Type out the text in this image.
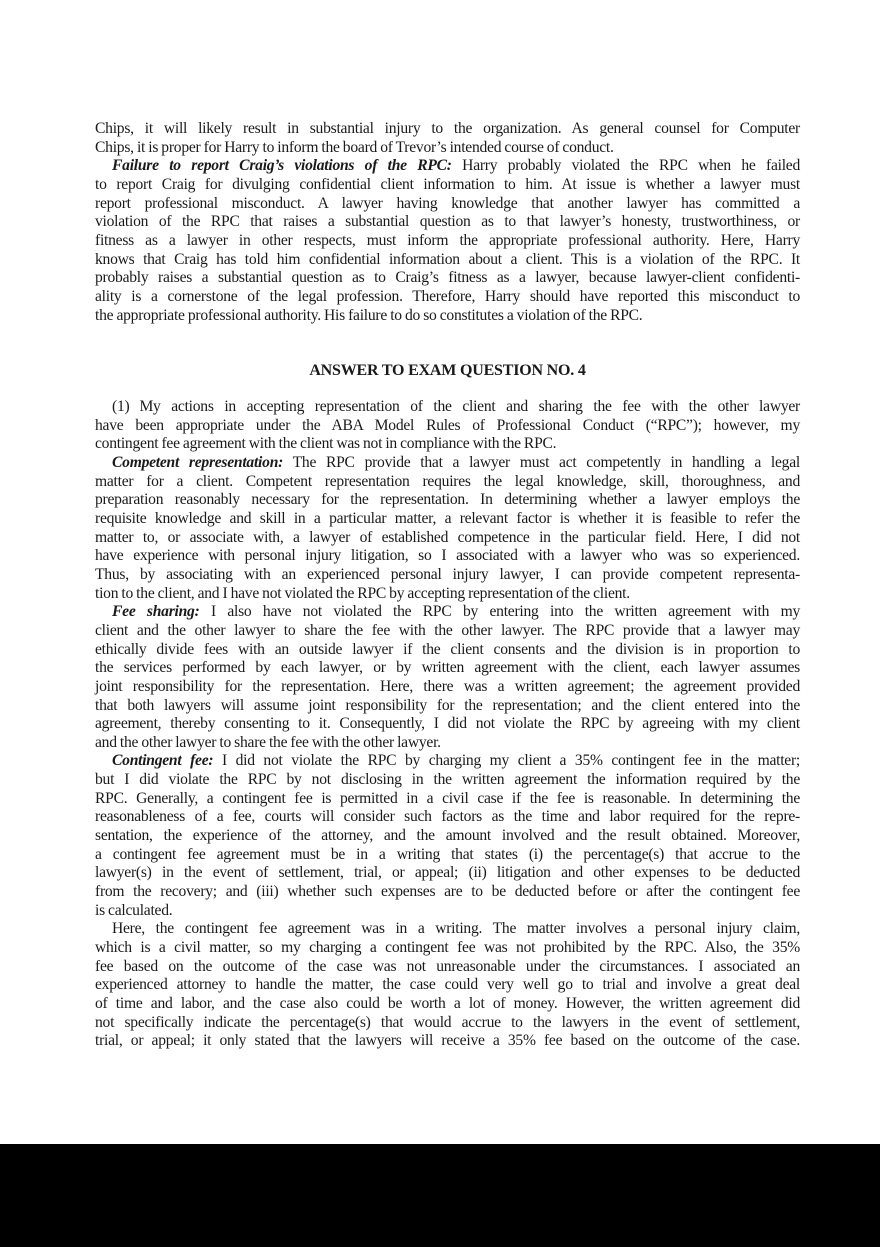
Chips, it will likely result in substantial injury to the organization. As general counsel for Computer
Chips, it is proper for Harry to inform the board of Trevor’s intended course of conduct.
Failure to report Craig’s violations of the RPC: Harry probably violated the RPC when he failed
to report Craig for divulging confidential client information to him. At issue is whether a lawyer must
report professional misconduct. A lawyer having knowledge that another lawyer has committed a
violation of the RPC that raises a substantial question as to that lawyer’s honesty, trustworthiness, or
fitness as a lawyer in other respects, must inform the appropriate professional authority. Here, Harry
knows that Craig has told him confidential information about a client. This is a violation of the RPC. It
probably raises a substantial question as to Craig’s fitness as a lawyer, because lawyer-client confidenti-
ality is a cornerstone of the legal profession. Therefore, Harry should have reported this misconduct to
the appropriate professional authority. His failure to do so constitutes a violation of the RPC.
ANSWER TO EXAM QUESTION NO. 4
(1) My actions in accepting representation of the client and sharing the fee with the other lawyer
have been appropriate under the ABA Model Rules of Professional Conduct (“RPC”); however, my
contingent fee agreement with the client was not in compliance with the RPC.
Competent representation: The RPC provide that a lawyer must act competently in handling a legal
matter for a client. Competent representation requires the legal knowledge, skill, thoroughness, and
preparation reasonably necessary for the representation. In determining whether a lawyer employs the
requisite knowledge and skill in a particular matter, a relevant factor is whether it is feasible to refer the
matter to, or associate with, a lawyer of established competence in the particular field. Here, I did not
have experience with personal injury litigation, so I associated with a lawyer who was so experienced.
Thus, by associating with an experienced personal injury lawyer, I can provide competent representa-
tion to the client, and I have not violated the RPC by accepting representation of the client.
Fee sharing: I also have not violated the RPC by entering into the written agreement with my
client and the other lawyer to share the fee with the other lawyer. The RPC provide that a lawyer may
ethically divide fees with an outside lawyer if the client consents and the division is in proportion to
the services performed by each lawyer, or by written agreement with the client, each lawyer assumes
joint responsibility for the representation. Here, there was a written agreement; the agreement provided
that both lawyers will assume joint responsibility for the representation; and the client entered into the
agreement, thereby consenting to it. Consequently, I did not violate the RPC by agreeing with my client
and the other lawyer to share the fee with the other lawyer.
Contingent fee: I did not violate the RPC by charging my client a 35% contingent fee in the matter;
but I did violate the RPC by not disclosing in the written agreement the information required by the
RPC. Generally, a contingent fee is permitted in a civil case if the fee is reasonable. In determining the
reasonableness of a fee, courts will consider such factors as the time and labor required for the repre-
sentation, the experience of the attorney, and the amount involved and the result obtained. Moreover,
a contingent fee agreement must be in a writing that states (i) the percentage(s) that accrue to the
lawyer(s) in the event of settlement, trial, or appeal; (ii) litigation and other expenses to be deducted
from the recovery; and (iii) whether such expenses are to be deducted before or after the contingent fee
is calculated.
Here, the contingent fee agreement was in a writing. The matter involves a personal injury claim,
which is a civil matter, so my charging a contingent fee was not prohibited by the RPC. Also, the 35%
fee based on the outcome of the case was not unreasonable under the circumstances. I associated an
experienced attorney to handle the matter, the case could very well go to trial and involve a great deal
of time and labor, and the case also could be worth a lot of money. However, the written agreement did
not specifically indicate the percentage(s) that would accrue to the lawyers in the event of settlement,
trial, or appeal; it only stated that the lawyers will receive a 35% fee based on the outcome of the case.
